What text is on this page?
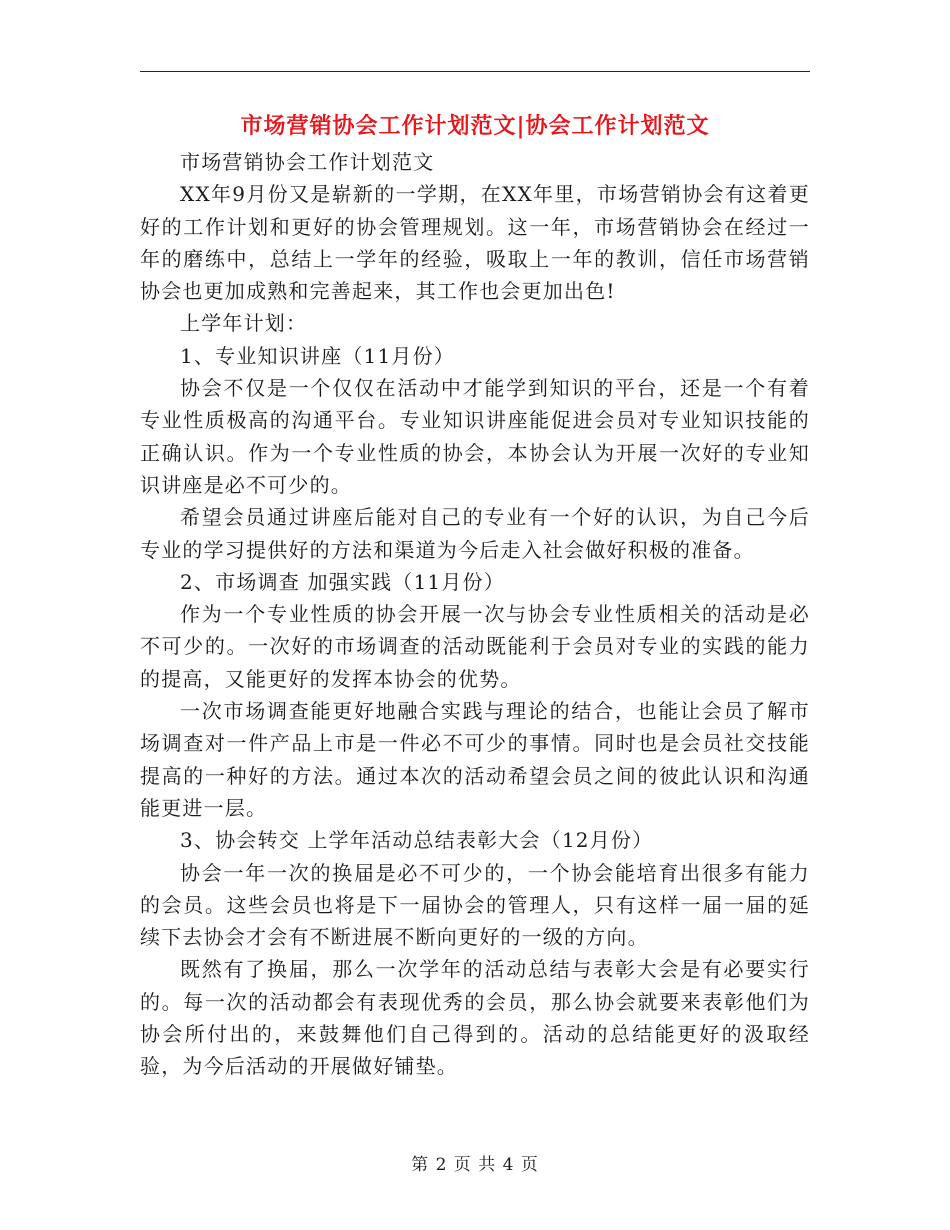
市场营销协会工作计划范文|协会工作计划范文

市场营销协会工作计划范文

XX年9月份又是崭新的一学期，在XX年里，市场营销协会有这着更好的工作计划和更好的协会管理规划。这一年，市场营销协会在经过一年的磨练中，总结上一学年的经验，吸取上一年的教训，信任市场营销协会也更加成熟和完善起来，其工作也会更加出色!

上学年计划：

1、专业知识讲座（11月份）

协会不仅是一个仅仅在活动中才能学到知识的平台，还是一个有着专业性质极高的沟通平台。专业知识讲座能促进会员对专业知识技能的正确认识。作为一个专业性质的协会，本协会认为开展一次好的专业知识讲座是必不可少的。

希望会员通过讲座后能对自己的专业有一个好的认识，为自己今后专业的学习提供好的方法和渠道为今后走入社会做好积极的准备。

2、市场调查 加强实践（11月份）

作为一个专业性质的协会开展一次与协会专业性质相关的活动是必不可少的。一次好的市场调查的活动既能利于会员对专业的实践的能力的提高，又能更好的发挥本协会的优势。

一次市场调查能更好地融合实践与理论的结合，也能让会员了解市场调查对一件产品上市是一件必不可少的事情。同时也是会员社交技能提高的一种好的方法。通过本次的活动希望会员之间的彼此认识和沟通能更进一层。

3、协会转交 上学年活动总结表彰大会（12月份）

协会一年一次的换届是必不可少的，一个协会能培育出很多有能力的会员。这些会员也将是下一届协会的管理人，只有这样一届一届的延续下去协会才会有不断进展不断向更好的一级的方向。

既然有了换届，那么一次学年的活动总结与表彰大会是有必要实行的。每一次的活动都会有表现优秀的会员，那么协会就要来表彰他们为协会所付出的，来鼓舞他们自己得到的。活动的总结能更好的汲取经验，为今后活动的开展做好铺垫。

第 2 页 共 4 页
